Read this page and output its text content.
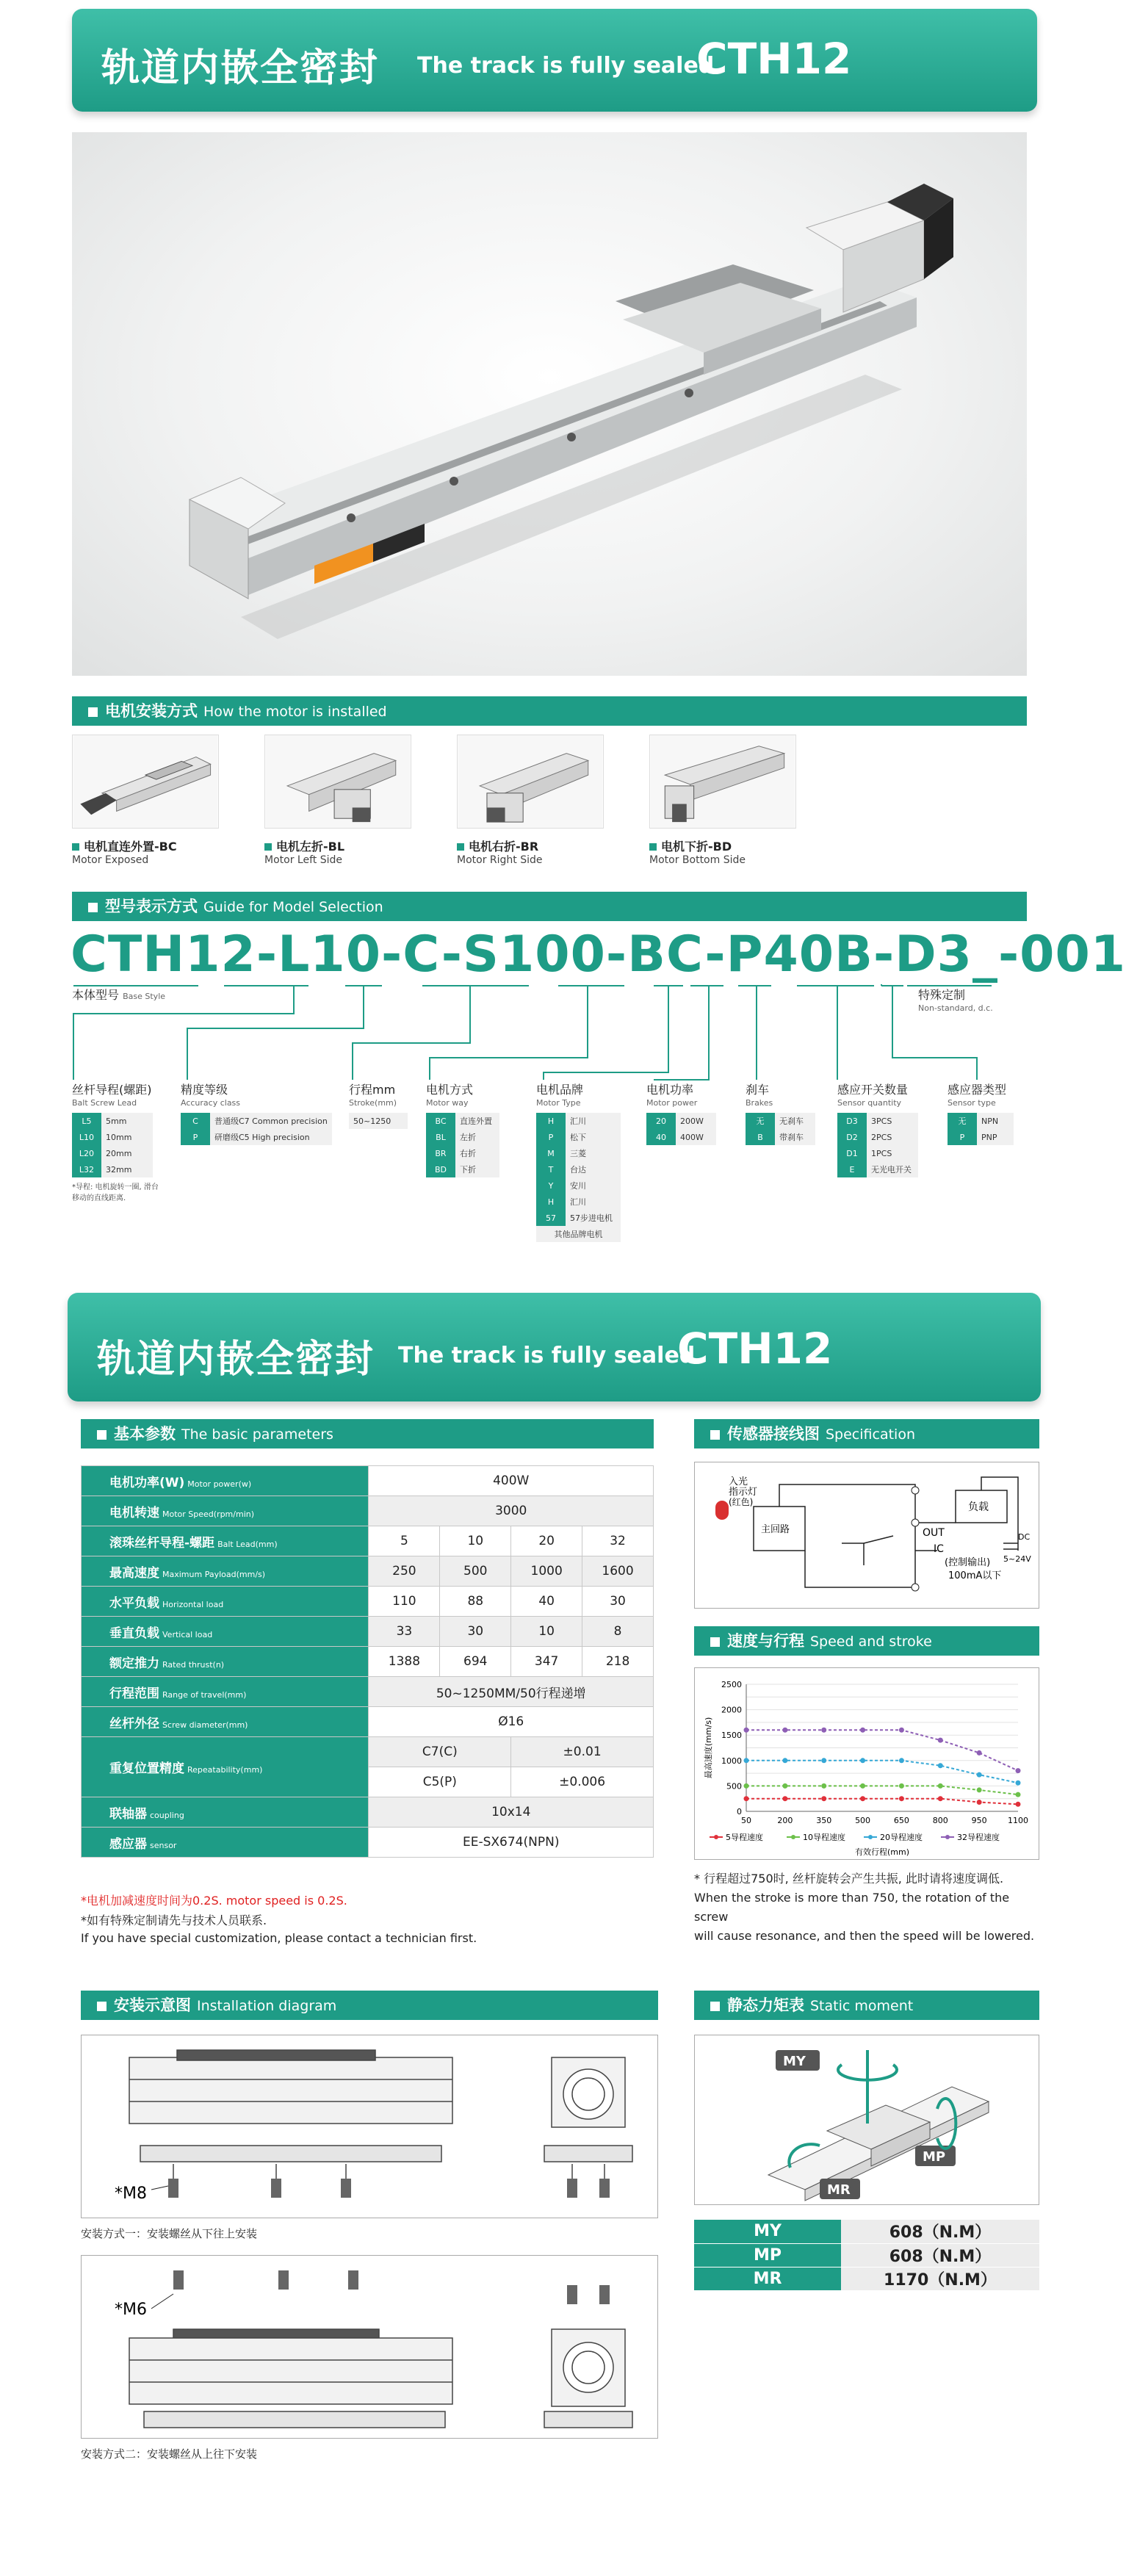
轨道内嵌全密封 The track is fully sealed
CTH12
电机安装方式 How the motor is installed
电机直连外置-BC
Motor Exposed
电机左折-BL
Motor Left Side
电机右折-BR
Motor Right Side
电机下折-BD
Motor Bottom Side
型号表示方式 Guide for Model Selection
CTH12-L10-C-S100-BC-P40B-D3_-001
本体型号 Base Style	特殊定制
Non-standard, d.c.
丝杆导程(螺距)
Balt Screw Lead
L5	5mm
L10	10mm
L20	20mm
L32	32mm
*导程: 电机旋转一圈, 滑台移动的直线距离.
精度等级
Accuracy class
C	普通级C7 Common precision
P	研磨级C5 High precision
行程mm
Stroke(mm)
50~1250
电机方式
Motor way
BC	直连外置
BL	左折
BR	右折
BD	下折
电机品牌
Motor Type
H	汇川
P	松下
M	三菱
T	台达
Y	安川
H	汇川
57	57步进电机
其他品牌电机	
电机功率
Motor power
20	200W
40	400W
刹车
Brakes
无	无刹车
B	带刹车
感应开关数量
Sensor quantity
D3	3PCS
D2	2PCS
D1	1PCS
E	无光电开关
感应器类型
Sensor type
无	NPN
P	PNP
轨道内嵌全密封 The track is fully sealed
CTH12
基本参数 The basic parameters
电机功率(W) Motor power(w)	400W			
电机转速 Motor Speed(rpm/min)	3000			
滚珠丝杆导程-螺距 Balt Lead(mm)	5	10	20	32
最高速度 Maximum Payload(mm/s)	250	500	1000	1600
水平负载 Horizontal load	110	88	40	30
垂直负载 Vertical load	33	30	10	8
额定推力 Rated thrust(n)	1388	694	347	218
行程范围 Range of travel(mm)	50~1250MM/50行程递增			
丝杆外径 Screw diameter(mm)	Ø16			
重复位置精度 Repeatability(mm)	C7(C)		±0.01	
	C5(P)		±0.006	
联轴器 coupling	10x14			
感应器 sensor	EE-SX674(NPN)			
*电机加减速度时间为0.2S. motor speed is 0.2S.
*如有特殊定制请先与技术人员联系.
If you have special customization, please contact a technician first.
传感器接线图 Specification
入光
指示灯
(红色)
主回路
负载
OUT
IC
DC
5~24V
(控制输出)
100mA以下
速度与行程 Speed and stroke
0
500
1000
1500
2000
2500
50	200	350	500	650	800	950	1100
最高速度(mm/s)
5导程速度	10导程速度	20导程速度	32导程速度
有效行程(mm)
* 行程超过750时, 丝杆旋转会产生共振, 此时请将速度调低.
When the stroke is more than 750, the rotation of the screw
will cause resonance, and then the speed will be lowered.
安装示意图 Installation diagram
*M8
安装方式一：安装螺丝从下往上安装
*M6
安装方式二：安装螺丝从上往下安装
静态力矩表 Static moment
MY
MP
MR
MY	608（N.M）
MP	608（N.M）
MR	1170（N.M）
